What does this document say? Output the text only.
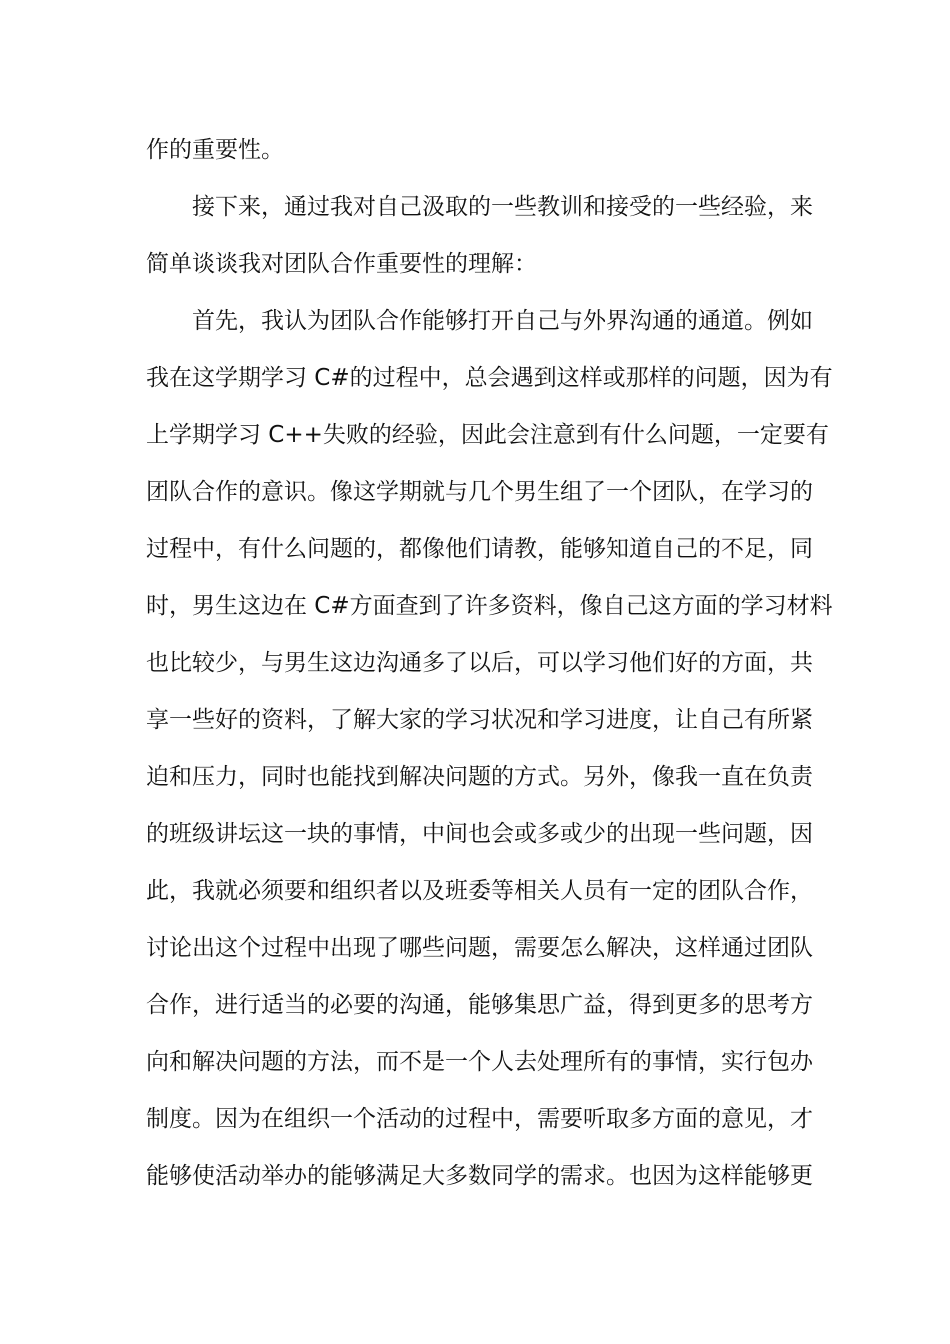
作的重要性。
接下来，通过我对自己汲取的一些教训和接受的一些经验，来
简单谈谈我对团队合作重要性的理解：
首先，我认为团队合作能够打开自己与外界沟通的通道。例如
我在这学期学习 C#的过程中，总会遇到这样或那样的问题，因为有
上学期学习 C++失败的经验，因此会注意到有什么问题，一定要有
团队合作的意识。像这学期就与几个男生组了一个团队，在学习的
过程中，有什么问题的，都像他们请教，能够知道自己的不足，同
时，男生这边在 C#方面查到了许多资料，像自己这方面的学习材料
也比较少，与男生这边沟通多了以后，可以学习他们好的方面，共
享一些好的资料，了解大家的学习状况和学习进度，让自己有所紧
迫和压力，同时也能找到解决问题的方式。另外，像我一直在负责
的班级讲坛这一块的事情，中间也会或多或少的出现一些问题，因
此，我就必须要和组织者以及班委等相关人员有一定的团队合作，
讨论出这个过程中出现了哪些问题，需要怎么解决，这样通过团队
合作，进行适当的必要的沟通，能够集思广益，得到更多的思考方
向和解决问题的方法，而不是一个人去处理所有的事情，实行包办
制度。因为在组织一个活动的过程中，需要听取多方面的意见，才
能够使活动举办的能够满足大多数同学的需求。也因为这样能够更
